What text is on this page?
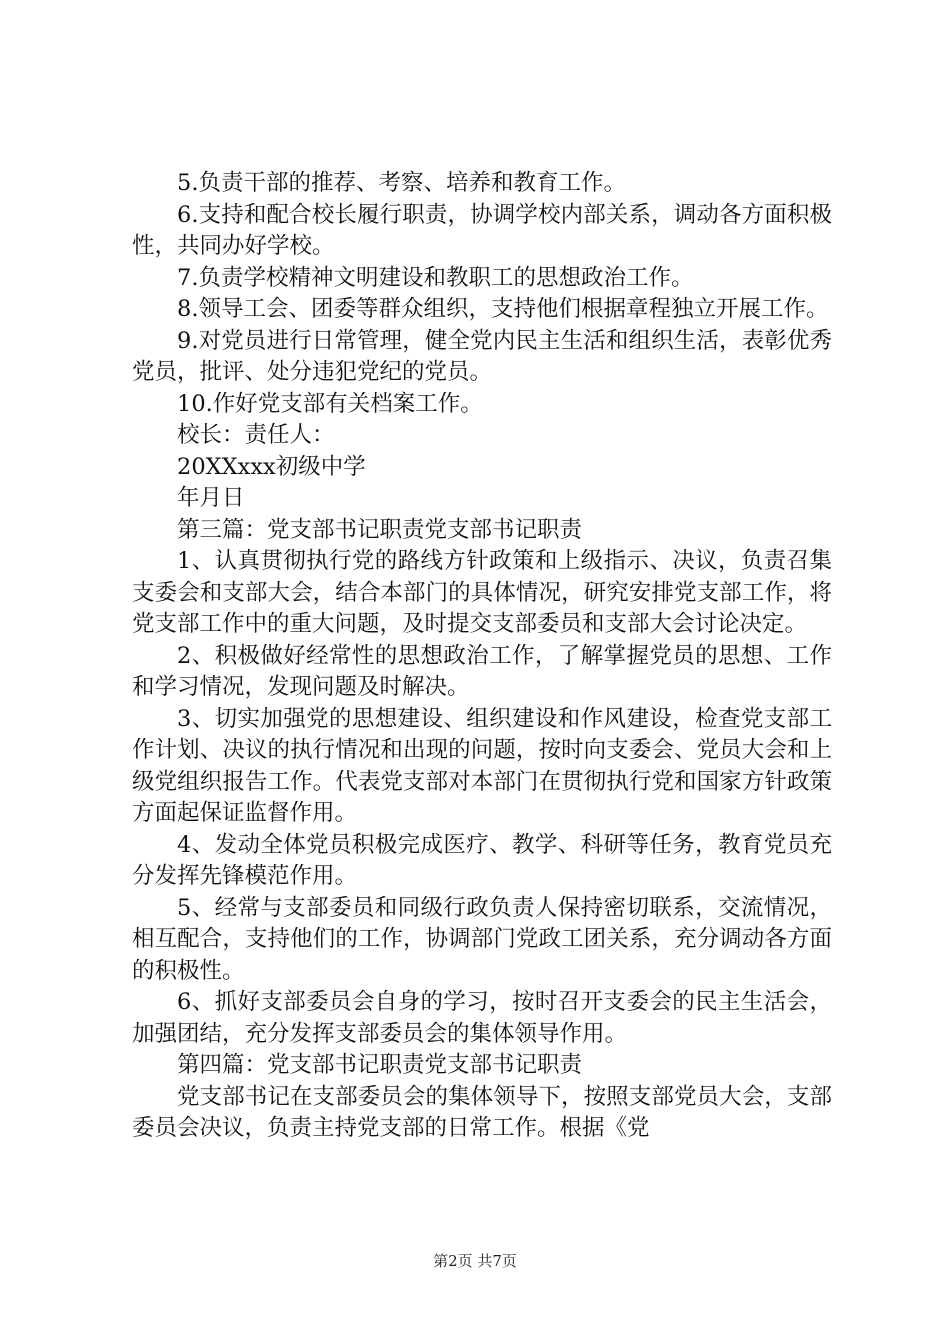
5.负责干部的推荐、考察、培养和教育工作。

6.支持和配合校长履行职责，协调学校内部关系，调动各方面积极性，共同办好学校。

7.负责学校精神文明建设和教职工的思想政治工作。

8.领导工会、团委等群众组织，支持他们根据章程独立开展工作。

9.对党员进行日常管理，健全党内民主生活和组织生活，表彰优秀党员，批评、处分违犯党纪的党员。

10.作好党支部有关档案工作。

校长：责任人：

20XXxxx初级中学

年月日

第三篇：党支部书记职责党支部书记职责

1、认真贯彻执行党的路线方针政策和上级指示、决议，负责召集支委会和支部大会，结合本部门的具体情况，研究安排党支部工作，将党支部工作中的重大问题，及时提交支部委员和支部大会讨论决定。

2、积极做好经常性的思想政治工作，了解掌握党员的思想、工作和学习情况，发现问题及时解决。

3、切实加强党的思想建设、组织建设和作风建设，检查党支部工作计划、决议的执行情况和出现的问题，按时向支委会、党员大会和上级党组织报告工作。代表党支部对本部门在贯彻执行党和国家方针政策方面起保证监督作用。

4、发动全体党员积极完成医疗、教学、科研等任务，教育党员充分发挥先锋模范作用。

5、经常与支部委员和同级行政负责人保持密切联系，交流情况，相互配合，支持他们的工作，协调部门党政工团关系，充分调动各方面的积极性。

6、抓好支部委员会自身的学习，按时召开支委会的民主生活会，加强团结，充分发挥支部委员会的集体领导作用。

第四篇：党支部书记职责党支部书记职责

党支部书记在支部委员会的集体领导下，按照支部党员大会，支部委员会决议，负责主持党支部的日常工作。根据《党

第2页 共7页
